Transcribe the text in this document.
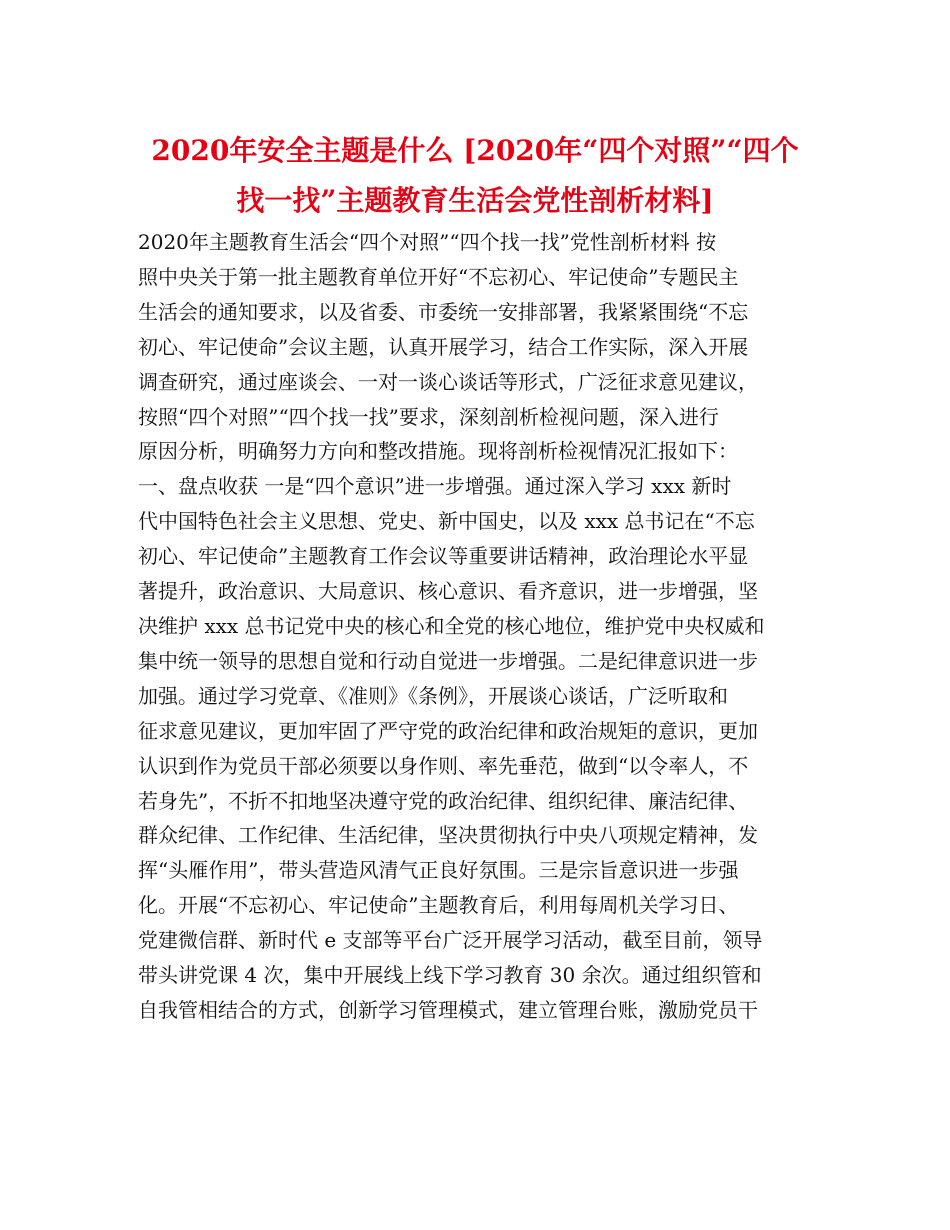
2020年安全主题是什么 [2020年“四个对照”“四个
找一找”主题教育生活会党性剖析材料]
2020年主题教育生活会“四个对照”“四个找一找”党性剖析材料 按
照中央关于第一批主题教育单位开好“不忘初心、牢记使命”专题民主
生活会的通知要求，以及省委、市委统一安排部署，我紧紧围绕“不忘
初心、牢记使命”会议主题，认真开展学习，结合工作实际，深入开展
调查研究，通过座谈会、一对一谈心谈话等形式，广泛征求意见建议，
按照“四个对照”“四个找一找”要求，深刻剖析检视问题，深入进行
原因分析，明确努力方向和整改措施。现将剖析检视情况汇报如下：
一、盘点收获 一是“四个意识”进一步增强。通过深入学习 xxx 新时
代中国特色社会主义思想、党史、新中国史，以及 xxx 总书记在“不忘
初心、牢记使命”主题教育工作会议等重要讲话精神，政治理论水平显
著提升，政治意识、大局意识、核心意识、看齐意识，进一步增强，坚
决维护 xxx 总书记党中央的核心和全党的核心地位，维护党中央权威和
集中统一领导的思想自觉和行动自觉进一步增强。二是纪律意识进一步
加强。通过学习党章、《准则》《条例》，开展谈心谈话，广泛听取和
征求意见建议，更加牢固了严守党的政治纪律和政治规矩的意识，更加
认识到作为党员干部必须要以身作则、率先垂范，做到“以令率人，不
若身先”，不折不扣地坚决遵守党的政治纪律、组织纪律、廉洁纪律、
群众纪律、工作纪律、生活纪律，坚决贯彻执行中央八项规定精神，发
挥“头雁作用”，带头营造风清气正良好氛围。三是宗旨意识进一步强
化。开展“不忘初心、牢记使命”主题教育后，利用每周机关学习日、
党建微信群、新时代 e 支部等平台广泛开展学习活动，截至目前，领导
带头讲党课 4 次，集中开展线上线下学习教育 30 余次。通过组织管和
自我管相结合的方式，创新学习管理模式，建立管理台账，激励党员干
